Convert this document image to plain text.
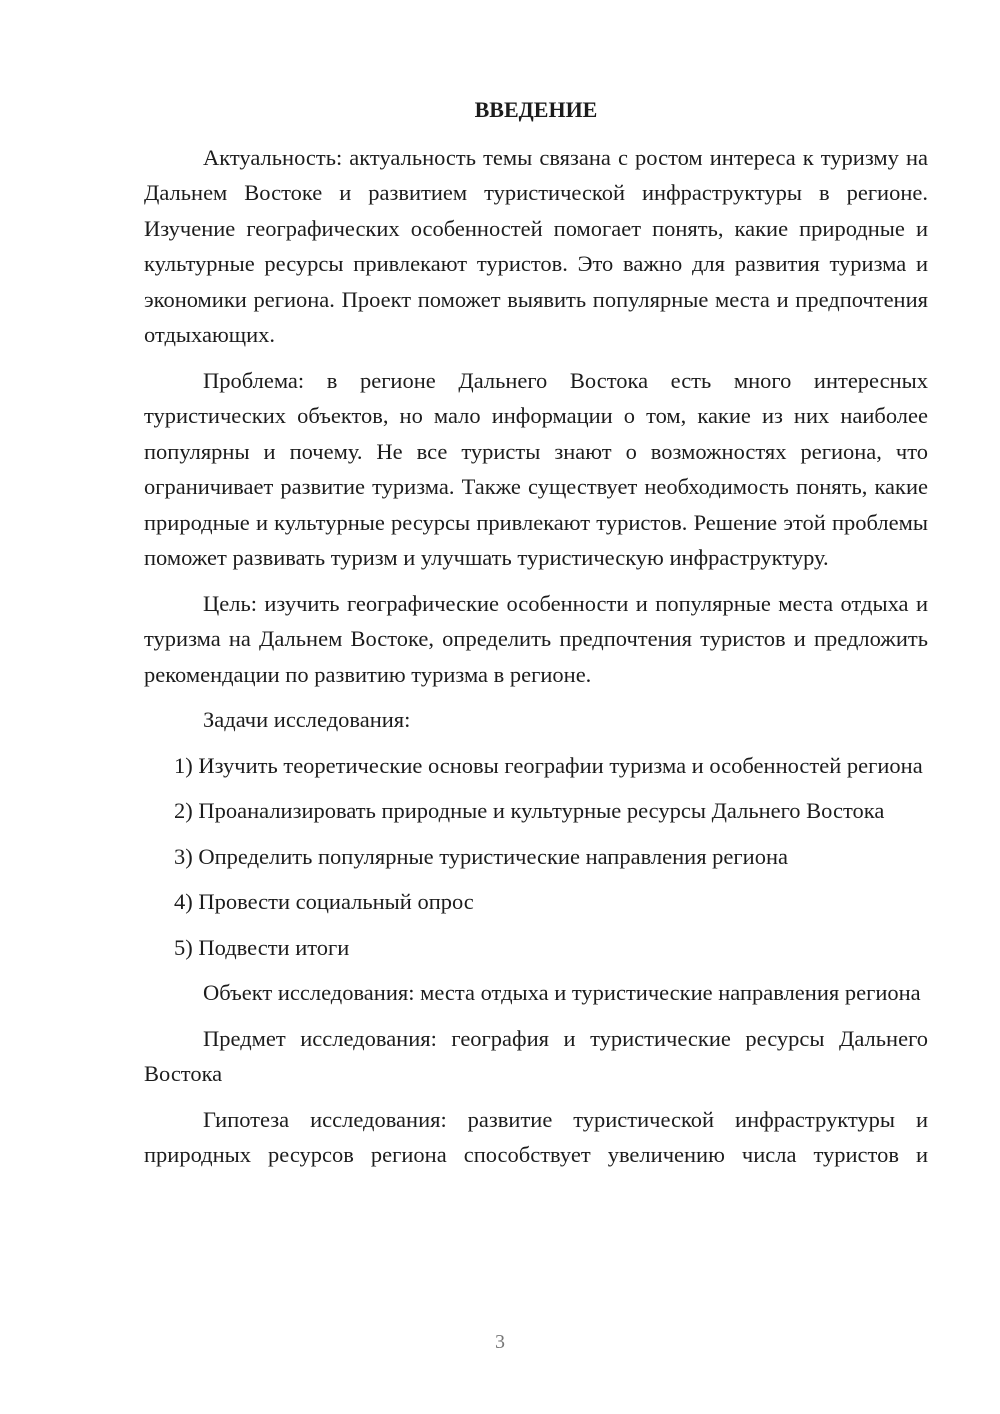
ВВЕДЕНИЕ

Актуальность: актуальность темы связана с ростом интереса к туризму на Дальнем Востоке и развитием туристической инфраструктуры в регионе. Изучение географических особенностей помогает понять, какие природные и культурные ресурсы привлекают туристов. Это важно для развития туризма и экономики региона. Проект поможет выявить популярные места и предпочтения отдыхающих.

Проблема: в регионе Дальнего Востока есть много интересных туристических объектов, но мало информации о том, какие из них наиболее популярны и почему. Не все туристы знают о возможностях региона, что ограничивает развитие туризма. Также существует необходимость понять, какие природные и культурные ресурсы привлекают туристов. Решение этой проблемы поможет развивать туризм и улучшать туристическую инфраструктуру.

Цель: изучить географические особенности и популярные места отдыха и туризма на Дальнем Востоке, определить предпочтения туристов и предложить рекомендации по развитию туризма в регионе.

Задачи исследования:

1) Изучить теоретические основы географии туризма и особенностей региона

2) Проанализировать природные и культурные ресурсы Дальнего Востока

3) Определить популярные туристические направления региона

4) Провести социальный опрос

5) Подвести итоги

Объект исследования: места отдыха и туристические направления региона

Предмет исследования: география и туристические ресурсы Дальнего Востока

Гипотеза исследования: развитие туристической инфраструктуры и природных ресурсов региона способствует увеличению числа туристов и

3
